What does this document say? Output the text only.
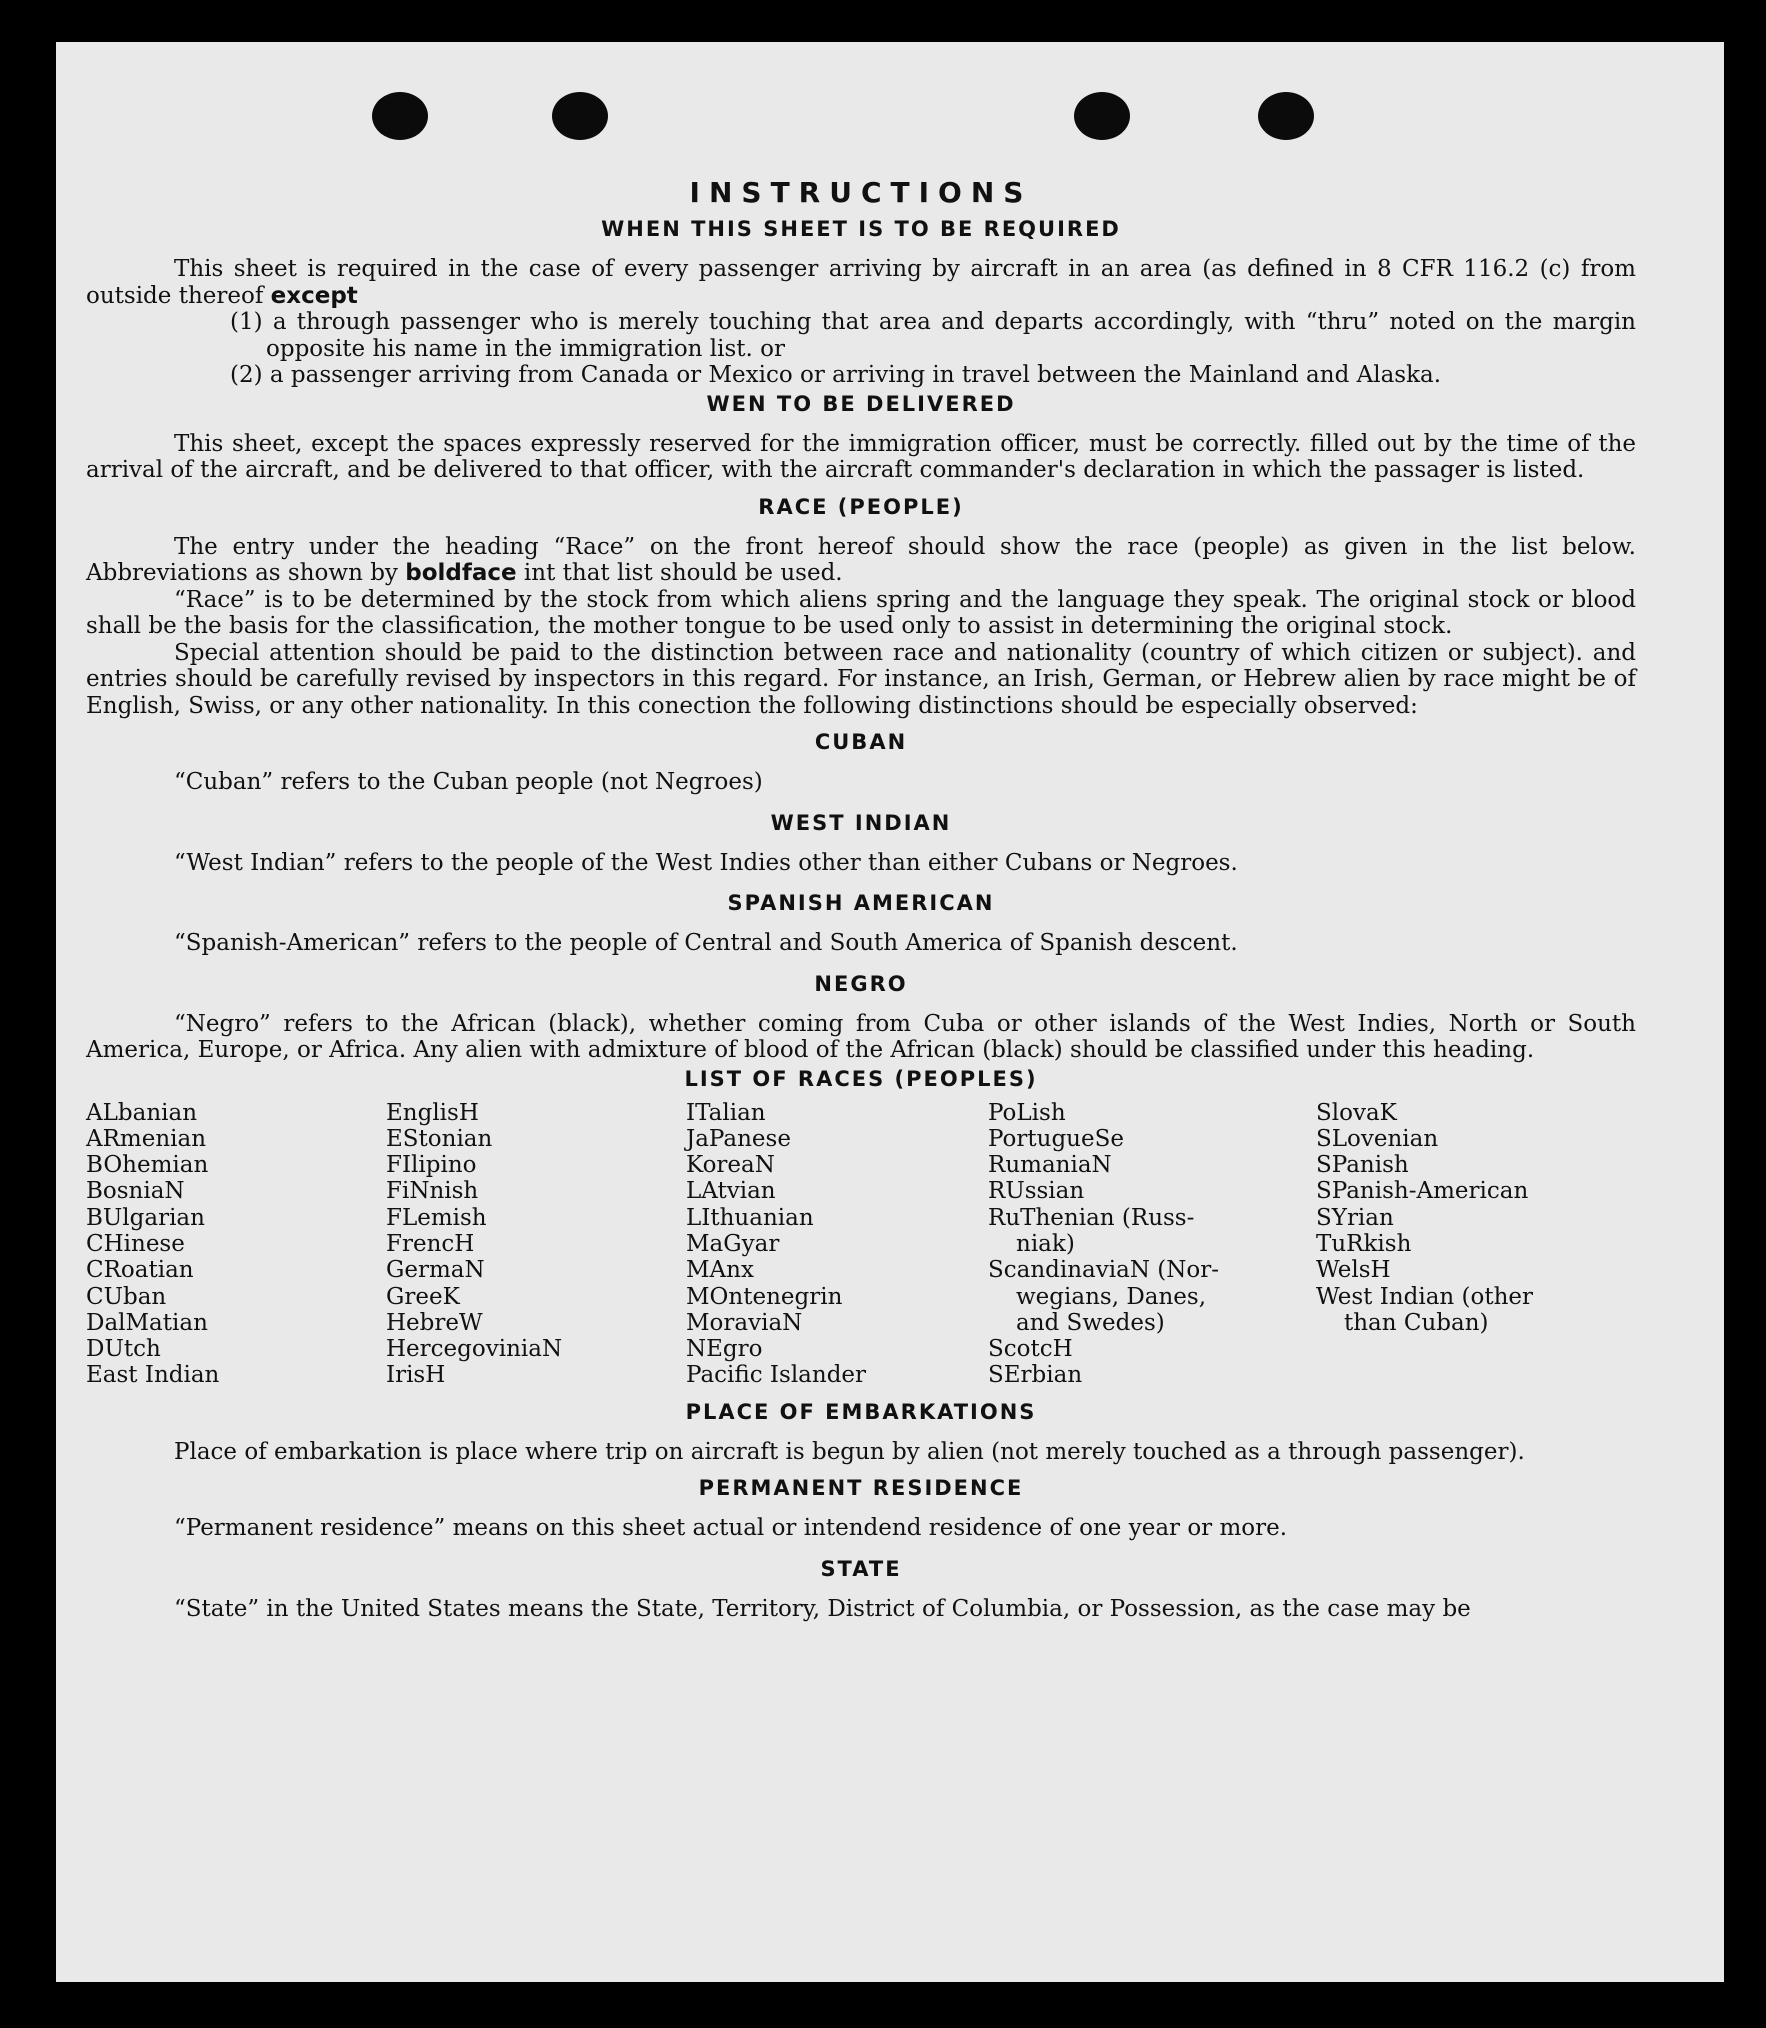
INSTRUCTIONS
WHEN THIS SHEET IS TO BE REQUIRED

This sheet is required in the case of every passenger arriving by aircraft in an area (as defined in 8 CFR 116.2 (c) from outside thereof except

(1) a through passenger who is merely touching that area and departs accordingly, with “thru” noted on the margin opposite his name in the immigration list. or

(2) a passenger arriving from Canada or Mexico or arriving in travel between the Mainland and Alaska.

WEN TO BE DELIVERED

This sheet, except the spaces expressly reserved for the immigration officer, must be correctly. filled out by the time of the arrival of the aircraft, and be delivered to that officer, with the aircraft commander's declaration in which the passager is listed.

RACE (PEOPLE)

The entry under the heading “Race” on the front hereof should show the race (people) as given in the list below. Abbreviations as shown by boldface int that list should be used.

“Race” is to be determined by the stock from which aliens spring and the language they speak. The original stock or blood shall be the basis for the classification, the mother tongue to be used only to assist in determining the original stock.

Special attention should be paid to the distinction between race and nationality (country of which citizen or subject). and entries should be carefully revised by inspectors in this regard. For instance, an Irish, German, or Hebrew alien by race might be of English, Swiss, or any other nationality. In this conection the following distinctions should be especially observed:

CUBAN

“Cuban” refers to the Cuban people (not Negroes)

WEST INDIAN

“West Indian” refers to the people of the West Indies other than either Cubans or Negroes.

SPANISH AMERICAN

“Spanish-American” refers to the people of Central and South America of Spanish descent.

NEGRO

“Negro” refers to the African (black), whether coming from Cuba or other islands of the West Indies, North or South America, Europe, or Africa. Any alien with admixture of blood of the African (black) should be classified under this heading.

LIST OF RACES (PEOPLES)
ALbanian
ARmenian
BOhemian
BosniaN
BUlgarian
CHinese
CRoatian
CUban
DalMatian
DUtch
East Indian
EnglisH
EStonian
FIlipino
FiNnish
FLemish
FrencH
GermaN
GreeK
HebreW
HercegoviniaN
IrisH
ITalian
JaPanese
KoreaN
LAtvian
LIthuanian
MaGyar
MAnx
MOntenegrin
MoraviaN
NEgro
Pacific Islander
PoLish
PortugueSe
RumaniaN
RUssian
RuThenian (Russ-
niak)
ScandinaviaN (Nor-
wegians, Danes,
and Swedes)
ScotcH
SErbian
SlovaK
SLovenian
SPanish
SPanish-American
SYrian
TuRkish
WelsH
West Indian (other
than Cuban)
PLACE OF EMBARKATIONS

Place of embarkation is place where trip on aircraft is begun by alien (not merely touched as a through passenger).

PERMANENT RESIDENCE

“Permanent residence” means on this sheet actual or intendend residence of one year or more.

STATE

“State” in the United States means the State, Territory, District of Columbia, or Possession, as the case may be
